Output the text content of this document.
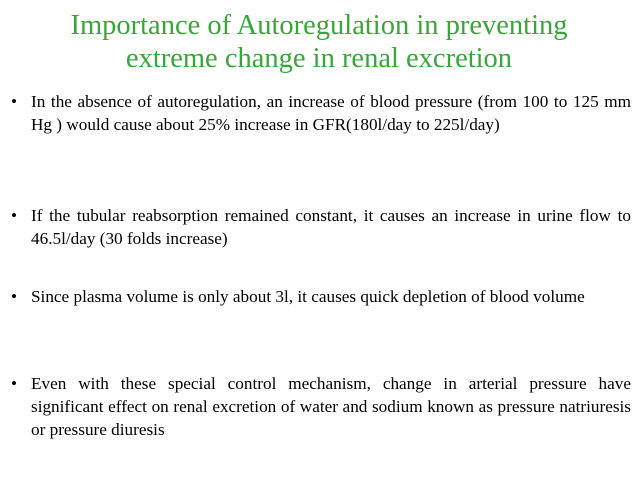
Importance of Autoregulation in preventing
extreme change in renal excretion
• In the absence of autoregulation, an increase of blood pressure (from 100 to 125 mm Hg ) would cause about 25% increase in GFR(180l/day to 225l/day)
• If the tubular reabsorption remained constant, it causes an increase in urine flow to 46.5l/day (30 folds increase)
• Since plasma volume is only about 3l, it causes quick depletion of blood volume
• Even with these special control mechanism, change in arterial pressure have significant effect on renal excretion of water and sodium known as pressure natriuresis or pressure diuresis
